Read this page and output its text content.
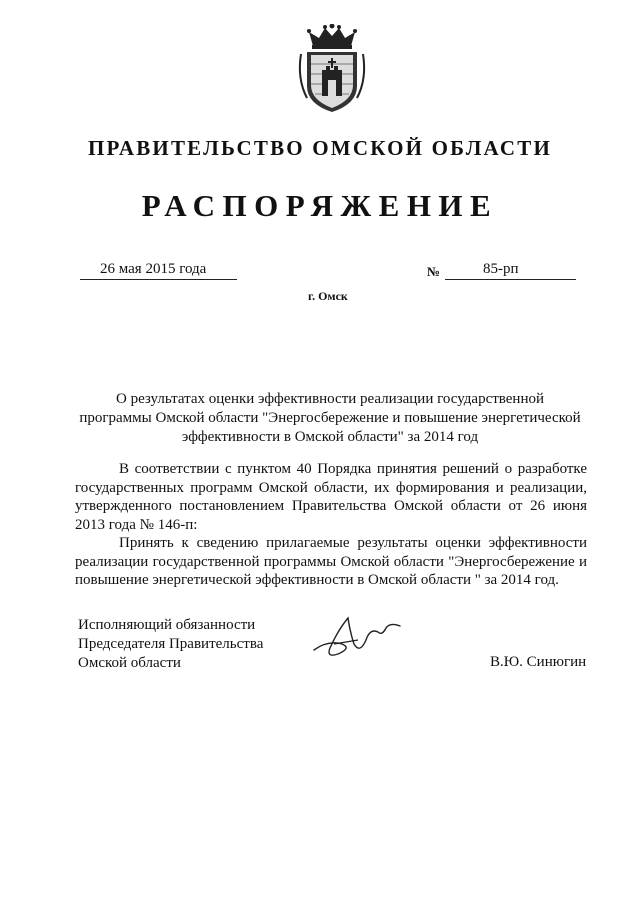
ПРАВИТЕЛЬСТВО ОМСКОЙ ОБЛАСТИ
РАСПОРЯЖЕНИЕ
26 мая 2015 года	№	85-рп
г. Омск
О результатах оценки эффективности реализации государственной
программы Омской области "Энергосбережение и повышение энергетической
эффективности в Омской области" за 2014 год
В соответствии с пунктом 40 Порядка принятия решений о разработке
государственных программ Омской области, их формирования и реализации,
утвержденного постановлением Правительства Омской области от 26 июня
2013 года № 146-п:
Принять к сведению прилагаемые результаты оценки эффективности
реализации государственной программы Омской области "Энергосбережение и
повышение энергетической эффективности в Омской области " за 2014 год.
Исполняющий обязанности
Председателя Правительства
Омской области	В.Ю. Синюгин
